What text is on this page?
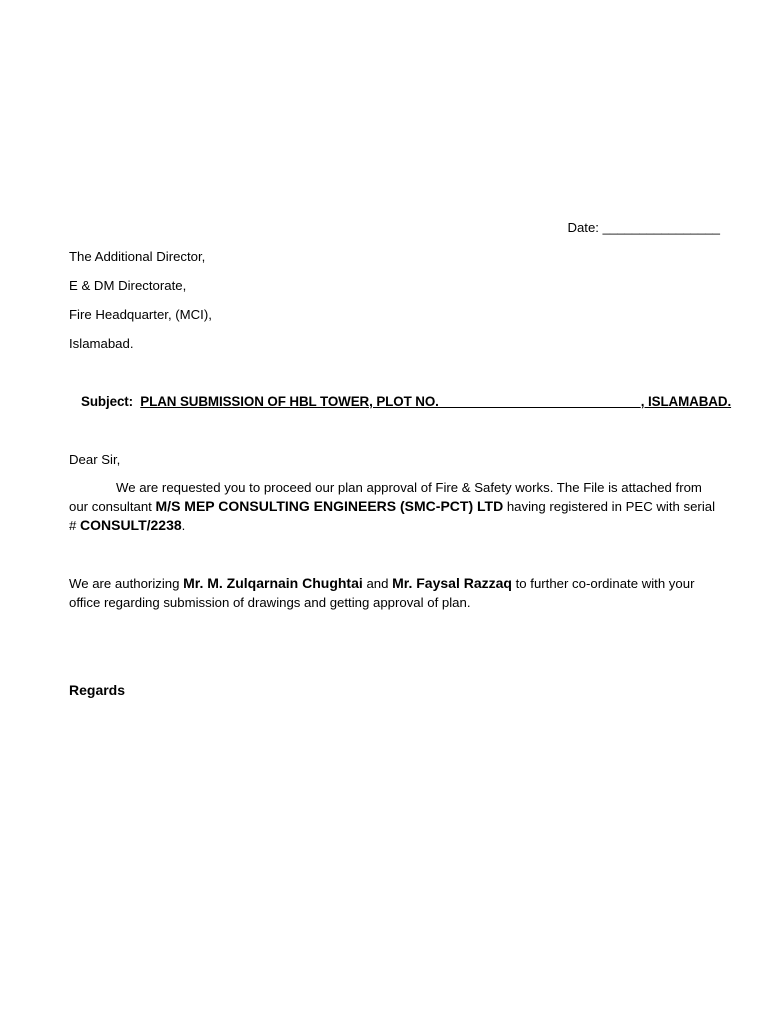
Date: ________________
The Additional Director,
E & DM Directorate,
Fire Headquarter, (MCI),
Islamabad.
Subject: PLAN SUBMISSION OF HBL TOWER, PLOT NO. ___________________________, ISLAMABAD.
Dear Sir,
We are requested you to proceed our plan approval of Fire & Safety works. The File is attached from our consultant M/S MEP CONSULTING ENGINEERS (SMC-PCT) LTD having registered in PEC with serial # CONSULT/2238.
We are authorizing Mr. M. Zulqarnain Chughtai and Mr. Faysal Razzaq to further co-ordinate with your office regarding submission of drawings and getting approval of plan.
Regards
